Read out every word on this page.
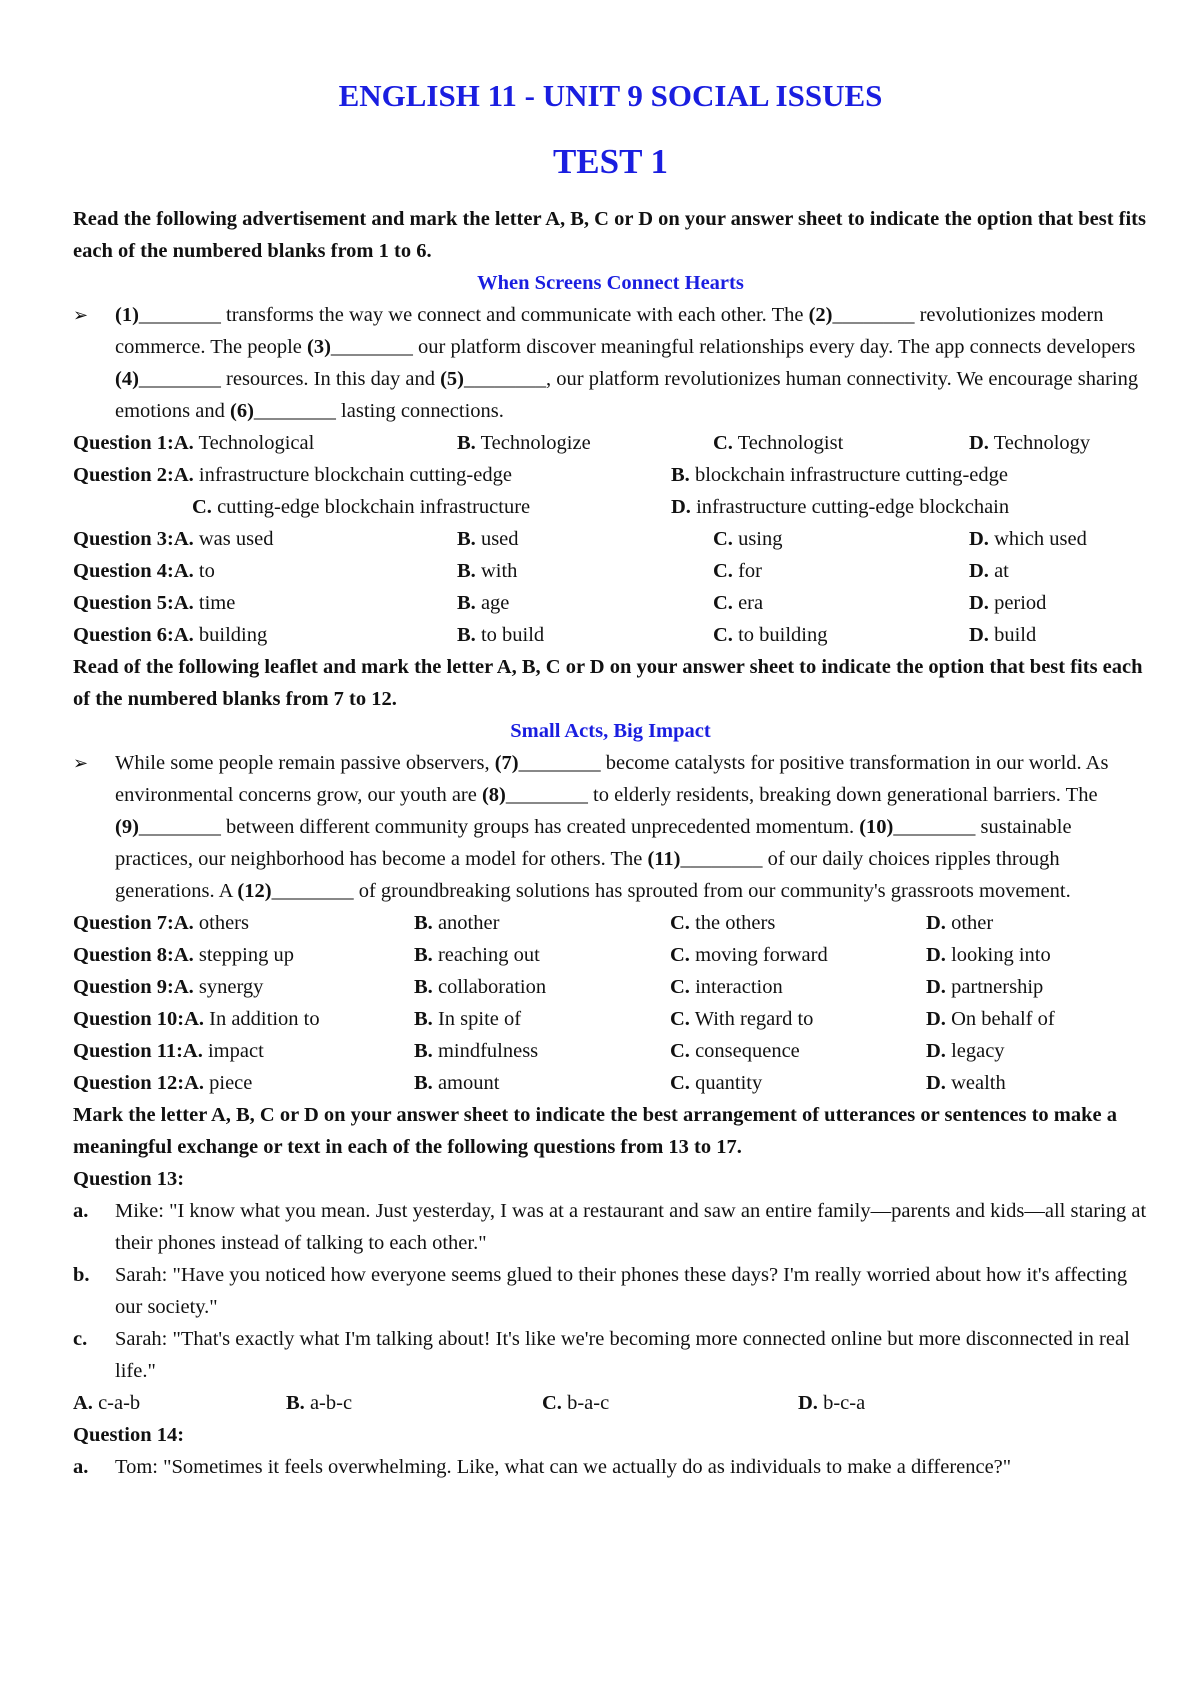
ENGLISH 11 - UNIT 9 SOCIAL ISSUES
TEST 1

Read the following advertisement and mark the letter A, B, C or D on your answer sheet to indicate the option that best fits each of the numbered blanks from 1 to 6.

When Screens Connect Hearts

➢ (1)________ transforms the way we connect and communicate with each other. The (2)________ revolutionizes modern commerce. The people (3)________ our platform discover meaningful relationships every day. The app connects developers (4)________ resources. In this day and (5)________, our platform revolutionizes human connectivity. We encourage sharing emotions and (6)________ lasting connections.

Question 1:A. Technological	B. Technologize	C. Technologist	D. Technology
Question 2:A. infrastructure blockchain cutting-edge	B. blockchain infrastructure cutting-edge
C. cutting-edge blockchain infrastructure	D. infrastructure cutting-edge blockchain
Question 3:A. was used	B. used	C. using	D. which used
Question 4:A. to	B. with	C. for	D. at
Question 5:A. time	B. age	C. era	D. period
Question 6:A. building	B. to build	C. to building	D. build

Read of the following leaflet and mark the letter A, B, C or D on your answer sheet to indicate the option that best fits each of the numbered blanks from 7 to 12.

Small Acts, Big Impact

➢ While some people remain passive observers, (7)________ become catalysts for positive transformation in our world. As environmental concerns grow, our youth are (8)________ to elderly residents, breaking down generational barriers. The (9)________ between different community groups has created unprecedented momentum. (10)________ sustainable practices, our neighborhood has become a model for others. The (11)________ of our daily choices ripples through generations. A (12)________ of groundbreaking solutions has sprouted from our community's grassroots movement.

Question 7:A. others	B. another	C. the others	D. other
Question 8:A. stepping up	B. reaching out	C. moving forward	D. looking into
Question 9:A. synergy	B. collaboration	C. interaction	D. partnership
Question 10:A. In addition to	B. In spite of	C. With regard to	D. On behalf of
Question 11:A. impact	B. mindfulness	C. consequence	D. legacy
Question 12:A. piece	B. amount	C. quantity	D. wealth

Mark the letter A, B, C or D on your answer sheet to indicate the best arrangement of utterances or sentences to make a meaningful exchange or text in each of the following questions from 13 to 17.

Question 13:

a. Mike: "I know what you mean. Just yesterday, I was at a restaurant and saw an entire family—parents and kids—all staring at their phones instead of talking to each other."

b. Sarah: "Have you noticed how everyone seems glued to their phones these days? I'm really worried about how it's affecting our society."

c. Sarah: "That's exactly what I'm talking about! It's like we're becoming more connected online but more disconnected in real life."

A. c-a-b	B. a-b-c	C. b-a-c	D. b-c-a

Question 14:

a. Tom: "Sometimes it feels overwhelming. Like, what can we actually do as individuals to make a difference?"
